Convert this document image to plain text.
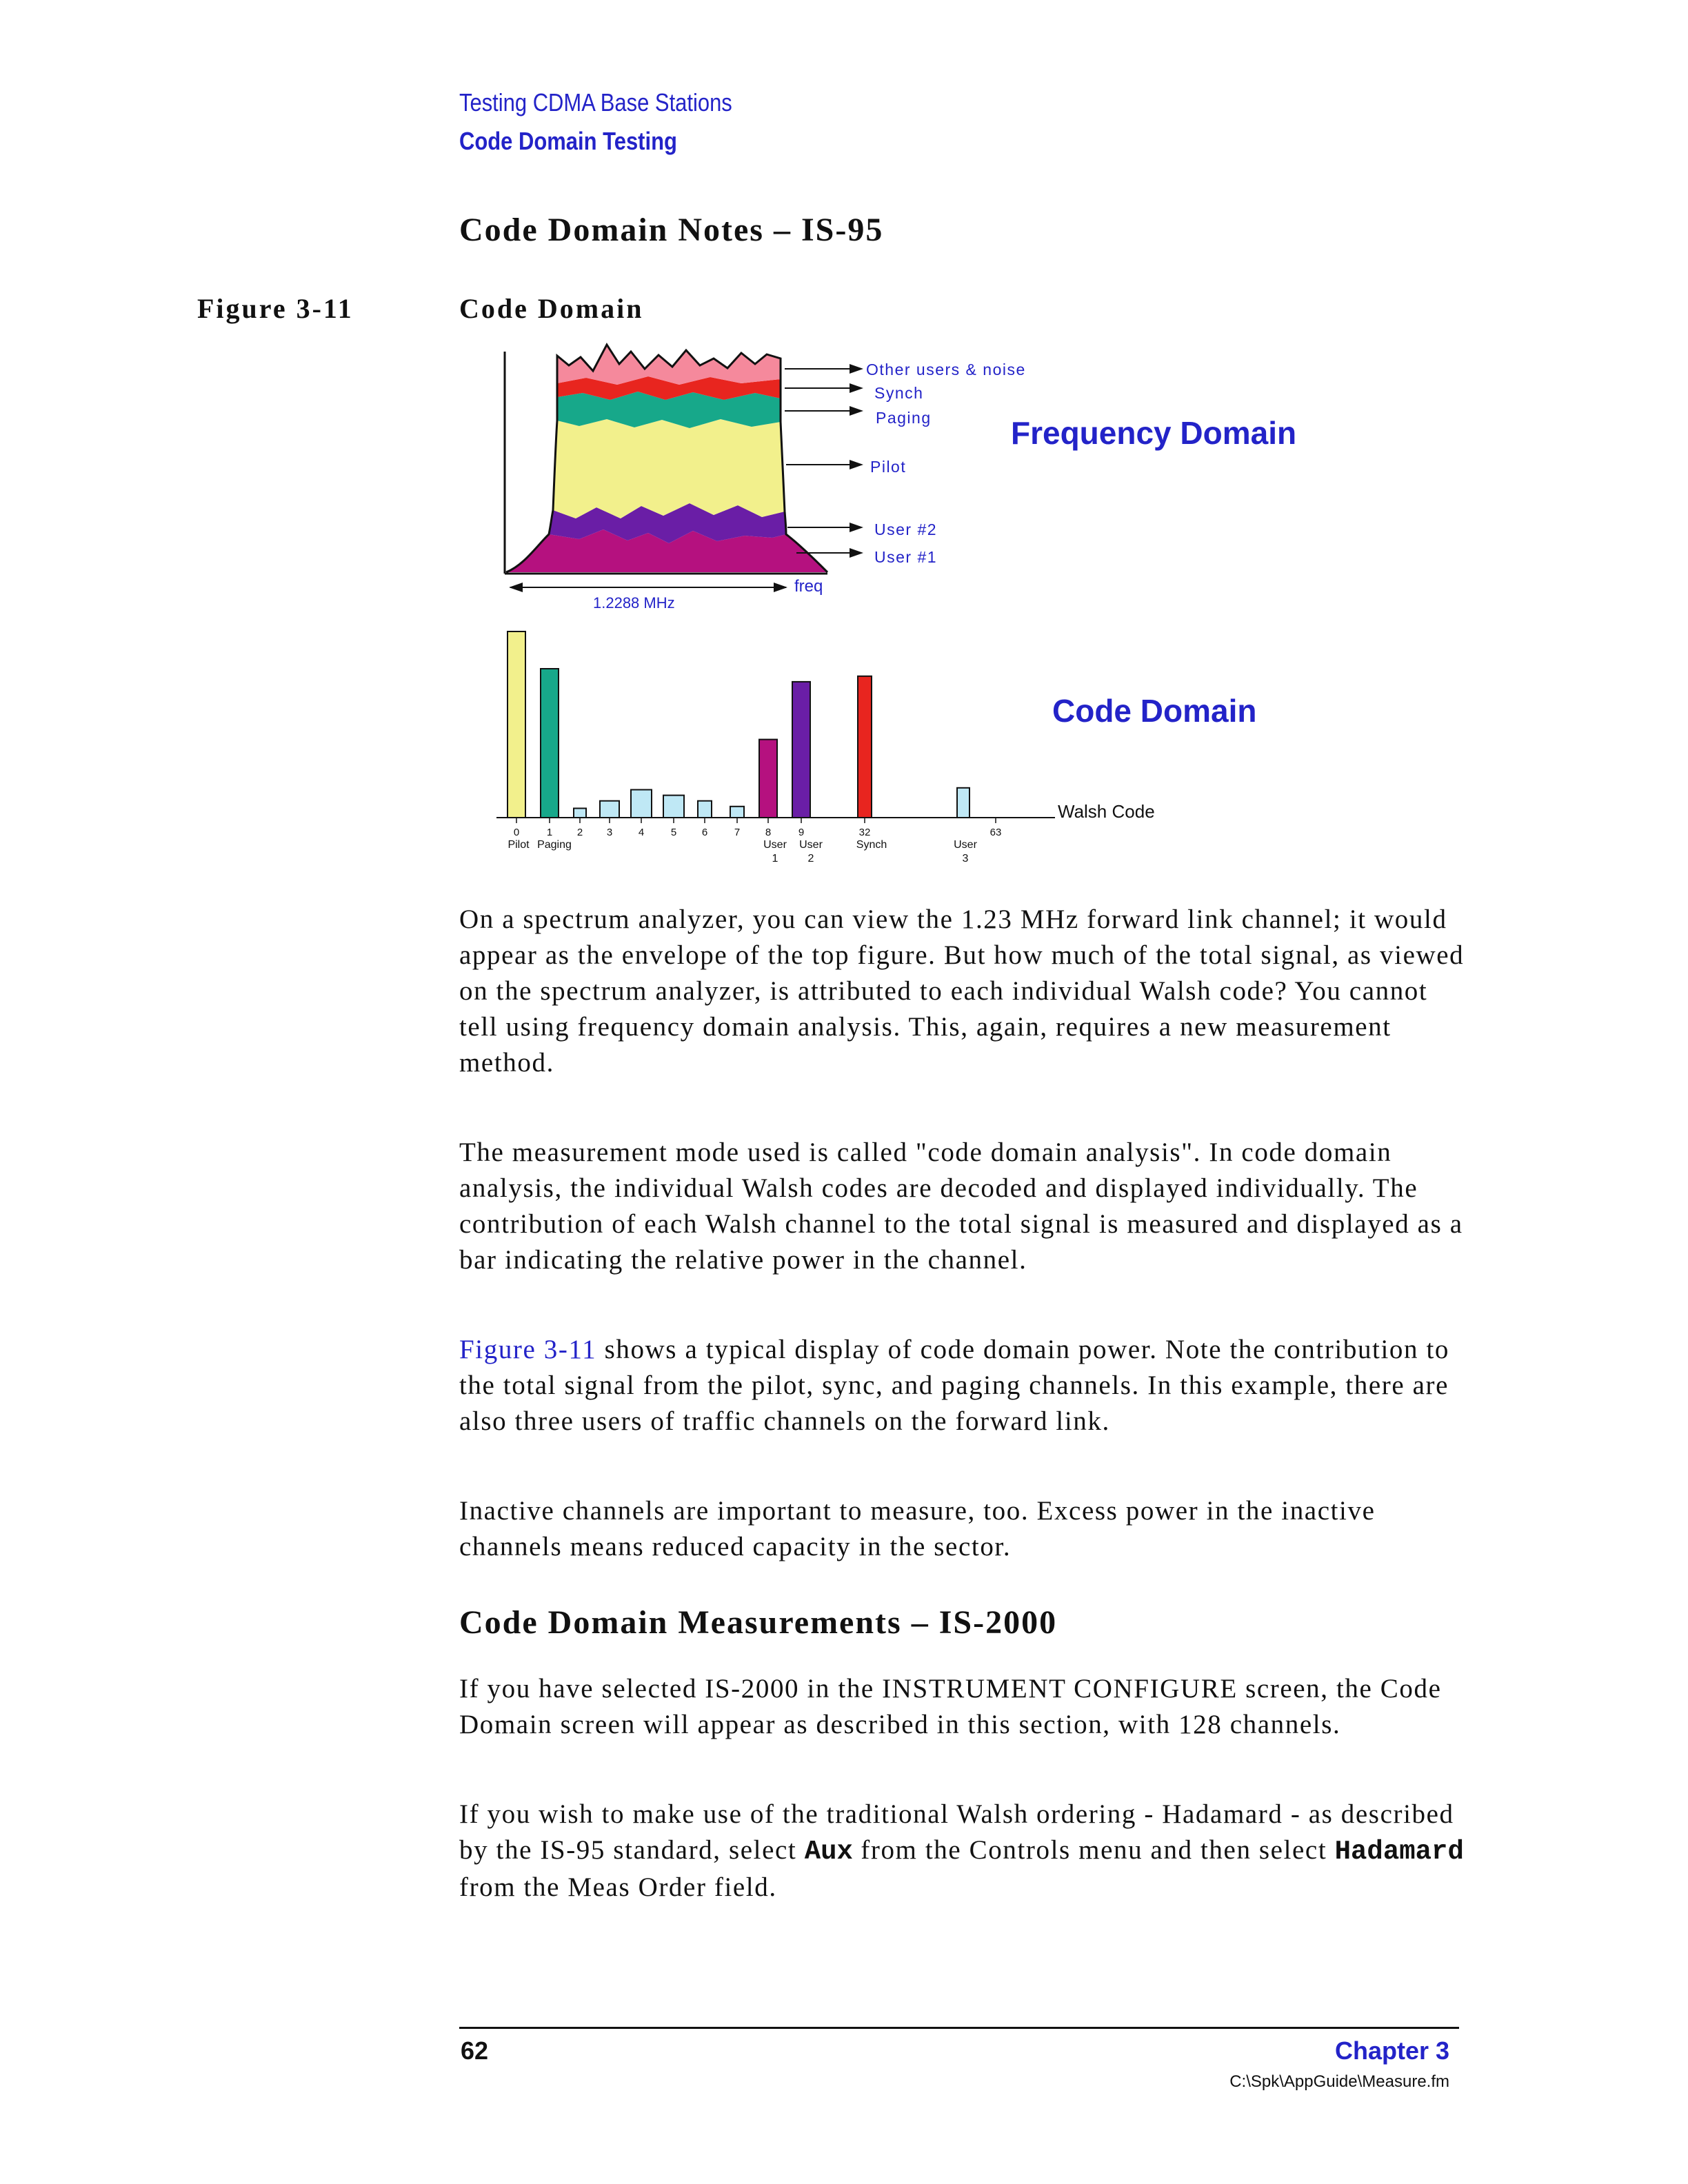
Testing CDMA Base Stations
Code Domain Testing
Code Domain Notes – IS-95
Figure 3-11	Code Domain
1.2288 MHz
freq
Other users & noise
Synch
Paging
Pilot
User #2
User #1
Frequency Domain
0	1 2 3	4	5 6	7 8	9	32	63
Pilot Paging	User
1
User
2
Synch	User
3
Walsh Code
Code Domain

On a spectrum analyzer, you can view the 1.23 MHz forward link channel; it would appear as the envelope of the top figure. But how much of the total signal, as viewed on the spectrum analyzer, is attributed to each individual Walsh code? You cannot tell using frequency domain analysis. This, again, requires a new measurement method.

The measurement mode used is called "code domain analysis". In code domain analysis, the individual Walsh codes are decoded and displayed individually. The contribution of each Walsh channel to the total signal is measured and displayed as a bar indicating the relative power in the channel.

Figure 3-11 shows a typical display of code domain power. Note the contribution to the total signal from the pilot, sync, and paging channels. In this example, there are also three users of traffic channels on the forward link.

Inactive channels are important to measure, too. Excess power in the inactive channels means reduced capacity in the sector.

Code Domain Measurements – IS-2000

If you have selected IS-2000 in the INSTRUMENT CONFIGURE screen, the Code Domain screen will appear as described in this section, with 128 channels.

If you wish to make use of the traditional Walsh ordering - Hadamard - as described by the IS-95 standard, select Aux from the Controls menu and then select Hadamard from the Meas Order field.

62	Chapter 3
C:\Spk\AppGuide\Measure.fm
